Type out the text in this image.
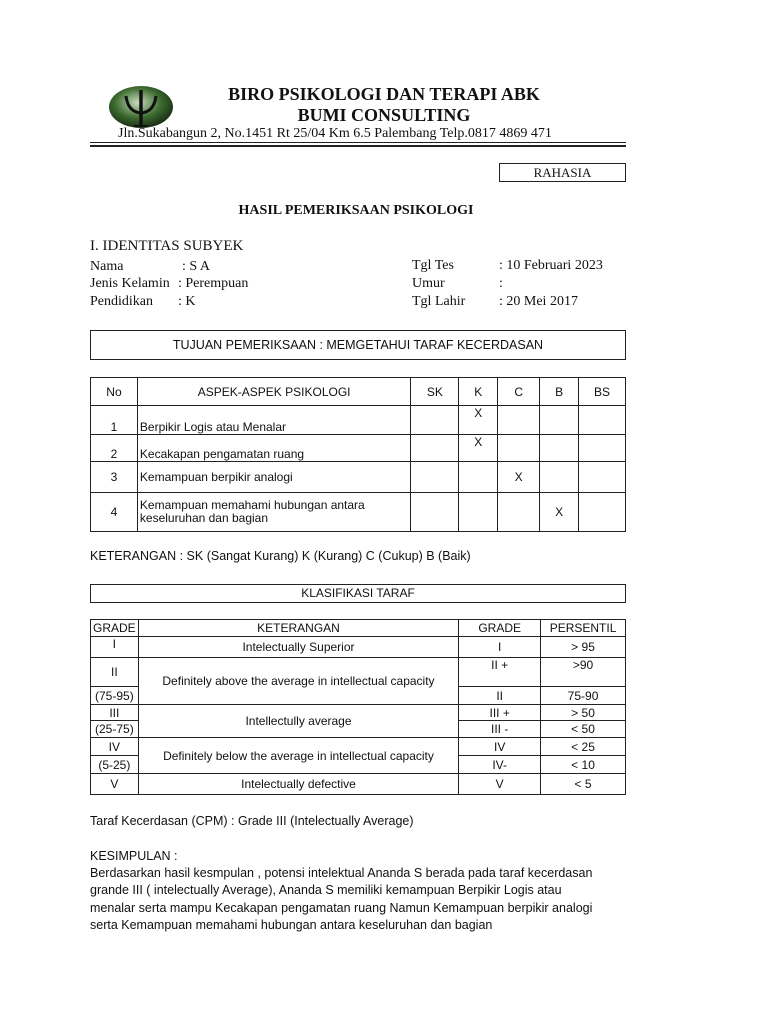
BIRO PSIKOLOGI DAN TERAPI ABK
BUMI CONSULTING
Jln.Sukabangun 2, No.1451 Rt 25/04 Km 6.5 Palembang Telp.0817 4869 471
RAHASIA
HASIL PEMERIKSAAN PSIKOLOGI
I. IDENTITAS SUBYEK
Nama	: S A
Jenis Kelamin : Perempuan
Pendidikan : K
Tgl Tes	: 10 Februari 2023
Umur	:
Tgl Lahir : 20 Mei 2017
TUJUAN PEMERIKSAAN : MEMGETAHUI TARAF KECERDASAN
No	ASPEK-ASPEK PSIKOLOGI	SK	K	C	B	BS
1	Berpikir Logis atau Menalar		X			
2	Kecakapan pengamatan ruang		X			
3	Kemampuan berpikir analogi			X		
4	Kemampuan memahami hubungan antara
keseluruhan dan bagian				X	
KETERANGAN : SK (Sangat Kurang) K (Kurang) C (Cukup) B (Baik)
KLASIFIKASI TARAF
GRADE	KETERANGAN	GRADE	PERSENTIL
I	Intelectually Superior	I	> 95
II	Definitely above the average in intellectual capacity	II +	>90
(75-95)		II	75-90
III	Intellectully average	III +	> 50
(25-75)		III -	< 50
IV	Definitely below the average in intellectual capacity	IV	< 25
(5-25)		IV-	< 10
V	Intelectually defective	V	< 5
Taraf Kecerdasan (CPM) : Grade III (Intelectually Average)
KESIMPULAN :
Berdasarkan hasil kesmpulan , potensi intelektual Ananda S berada pada taraf kecerdasan
grande III ( intelectually Average), Ananda S memiliki kemampuan Berpikir Logis atau
menalar serta mampu Kecakapan pengamatan ruang Namun Kemampuan berpikir analogi
serta Kemampuan memahami hubungan antara keseluruhan dan bagian
